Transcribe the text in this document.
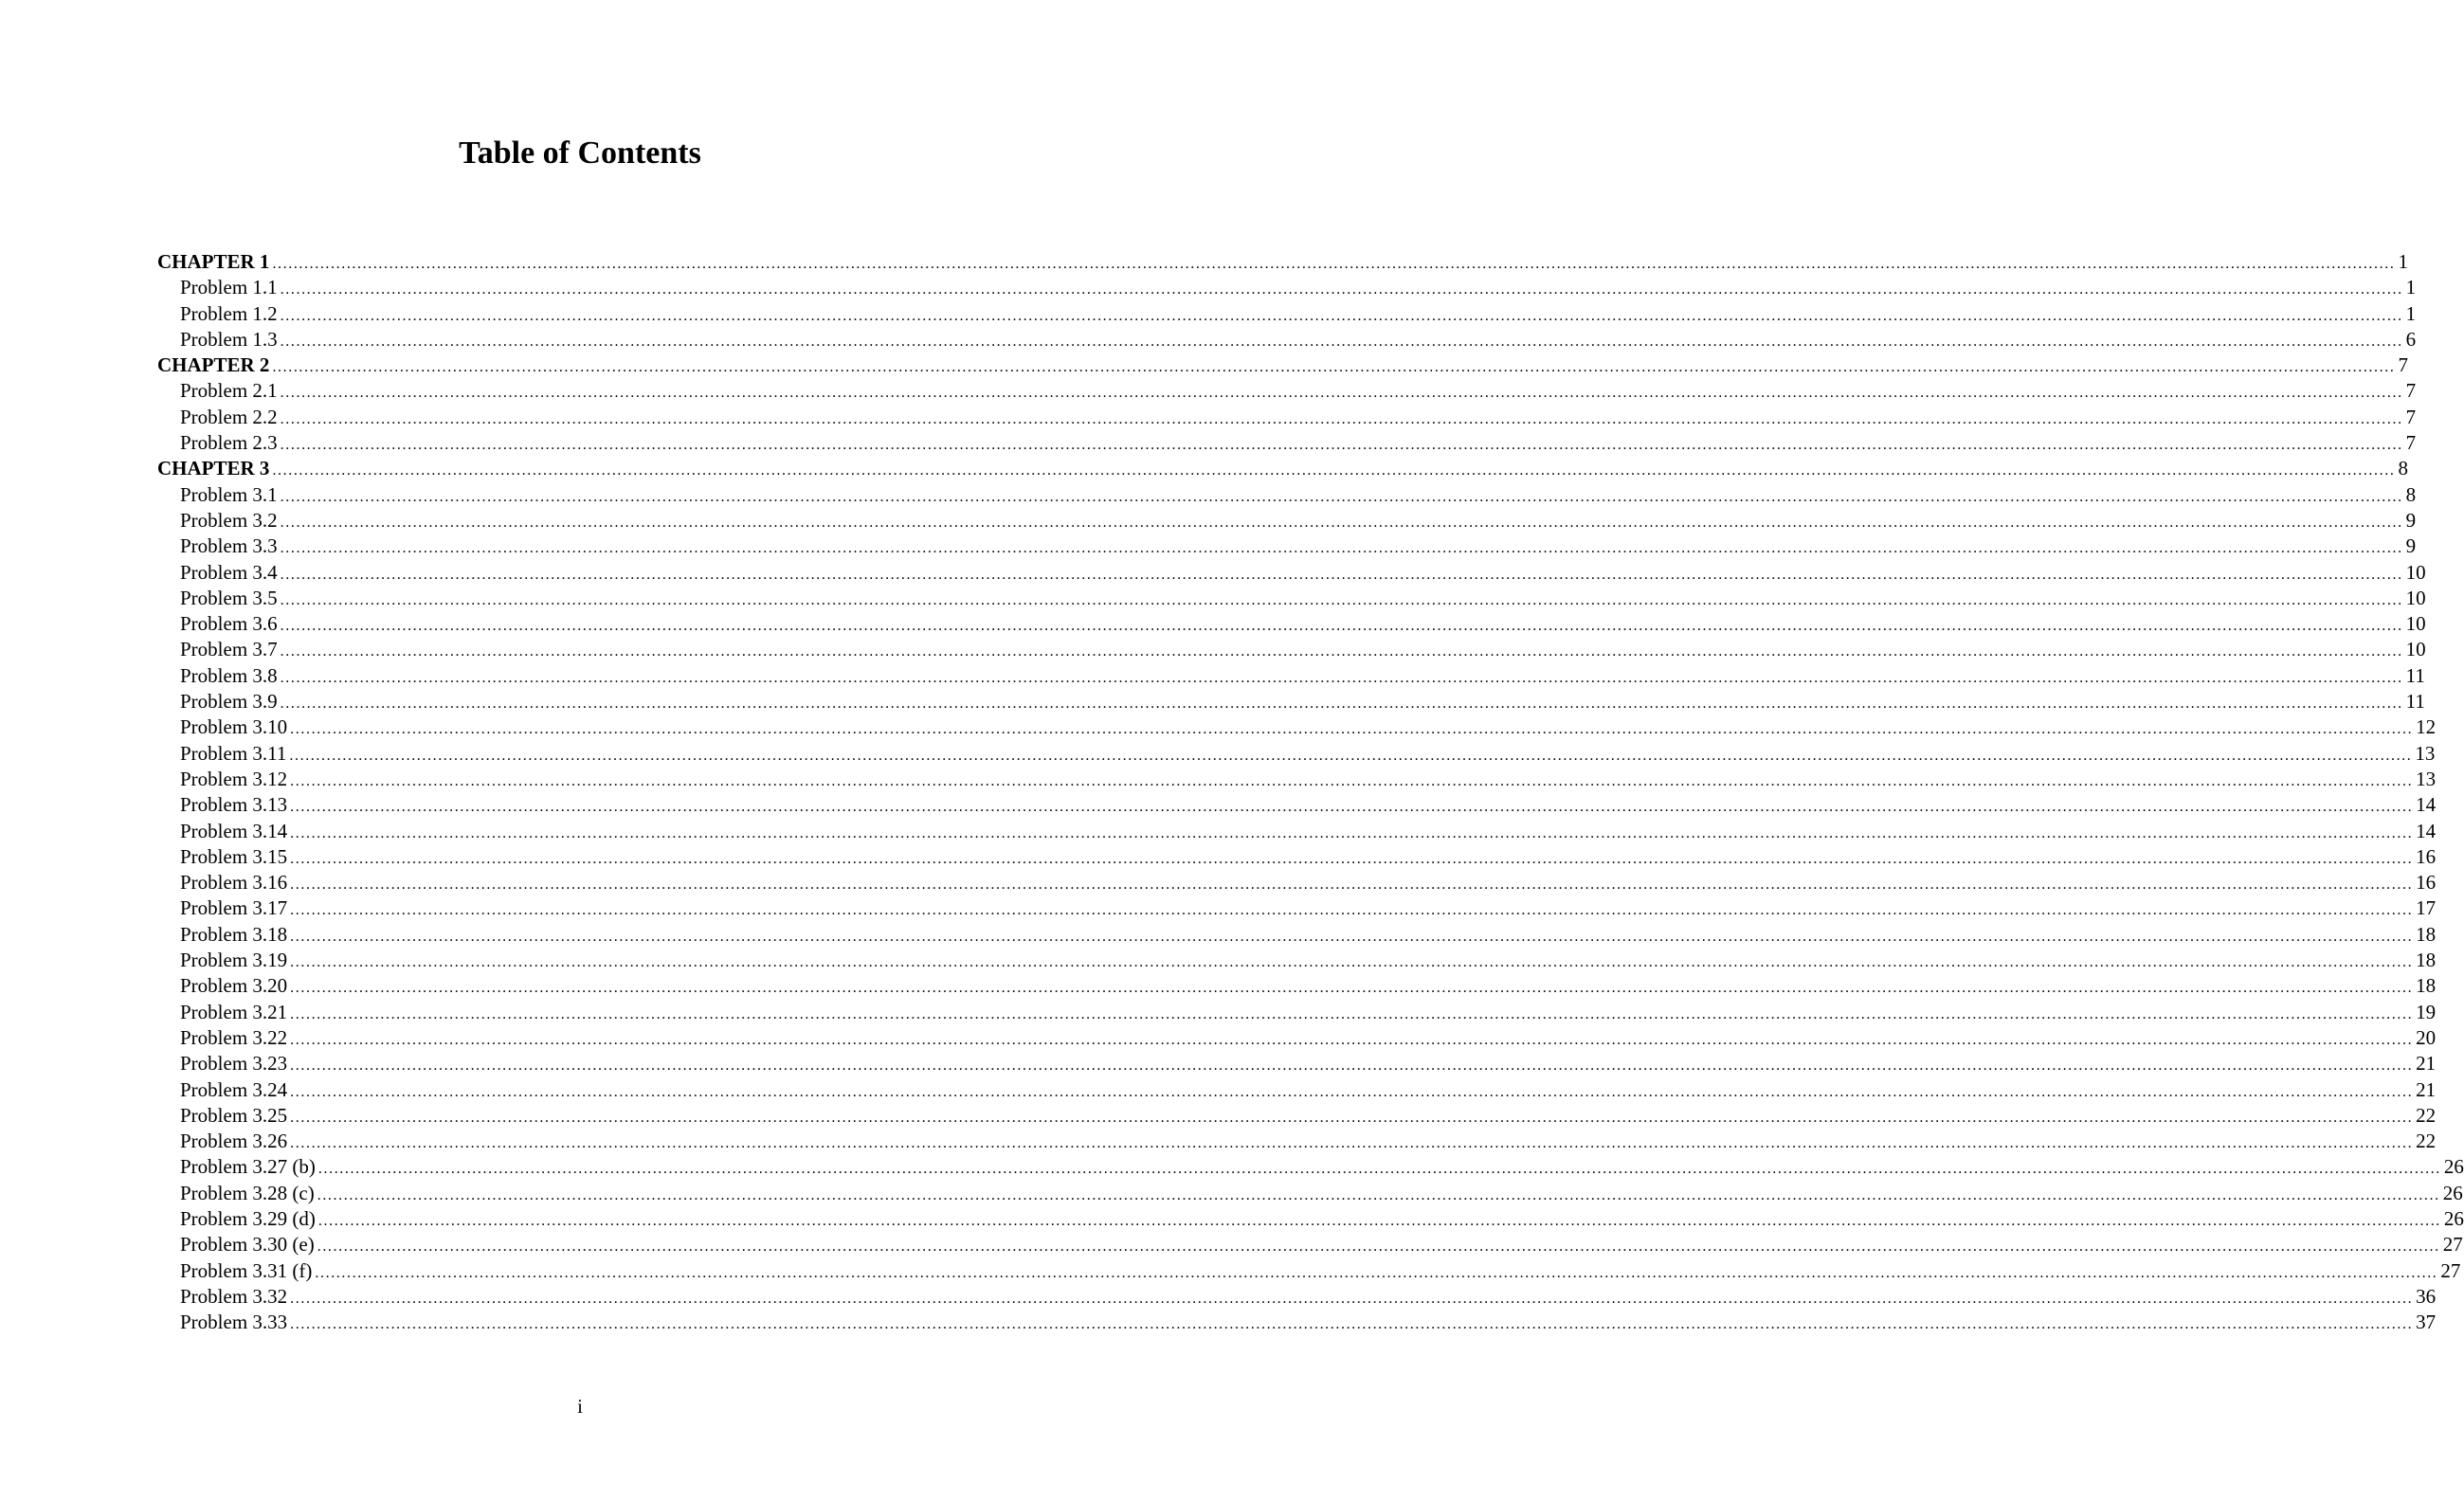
Table of Contents
CHAPTER 1 ................................................................................................................................................................................................................................................................................................................................................................................................................ 1
Problem 1.1 ................................................................................................................................................................................................................................................................................................................................................................................................................ 1
Problem 1.2 ................................................................................................................................................................................................................................................................................................................................................................................................................ 1
Problem 1.3 ................................................................................................................................................................................................................................................................................................................................................................................................................ 6
CHAPTER 2 ................................................................................................................................................................................................................................................................................................................................................................................................................ 7
Problem 2.1 ................................................................................................................................................................................................................................................................................................................................................................................................................ 7
Problem 2.2 ................................................................................................................................................................................................................................................................................................................................................................................................................ 7
Problem 2.3 ................................................................................................................................................................................................................................................................................................................................................................................................................ 7
CHAPTER 3 ................................................................................................................................................................................................................................................................................................................................................................................................................ 8
Problem 3.1 ................................................................................................................................................................................................................................................................................................................................................................................................................ 8
Problem 3.2 ................................................................................................................................................................................................................................................................................................................................................................................................................ 9
Problem 3.3 ................................................................................................................................................................................................................................................................................................................................................................................................................ 9
Problem 3.4 ................................................................................................................................................................................................................................................................................................................................................................................................................ 10
Problem 3.5 ................................................................................................................................................................................................................................................................................................................................................................................................................ 10
Problem 3.6 ................................................................................................................................................................................................................................................................................................................................................................................................................ 10
Problem 3.7 ................................................................................................................................................................................................................................................................................................................................................................................................................ 10
Problem 3.8 ................................................................................................................................................................................................................................................................................................................................................................................................................ 11
Problem 3.9 ................................................................................................................................................................................................................................................................................................................................................................................................................ 11
Problem 3.10 ................................................................................................................................................................................................................................................................................................................................................................................................................ 12
Problem 3.11 ................................................................................................................................................................................................................................................................................................................................................................................................................ 13
Problem 3.12 ................................................................................................................................................................................................................................................................................................................................................................................................................ 13
Problem 3.13 ................................................................................................................................................................................................................................................................................................................................................................................................................ 14
Problem 3.14 ................................................................................................................................................................................................................................................................................................................................................................................................................ 14
Problem 3.15 ................................................................................................................................................................................................................................................................................................................................................................................................................ 16
Problem 3.16 ................................................................................................................................................................................................................................................................................................................................................................................................................ 16
Problem 3.17 ................................................................................................................................................................................................................................................................................................................................................................................................................ 17
Problem 3.18 ................................................................................................................................................................................................................................................................................................................................................................................................................ 18
Problem 3.19 ................................................................................................................................................................................................................................................................................................................................................................................................................ 18
Problem 3.20 ................................................................................................................................................................................................................................................................................................................................................................................................................ 18
Problem 3.21 ................................................................................................................................................................................................................................................................................................................................................................................................................ 19
Problem 3.22 ................................................................................................................................................................................................................................................................................................................................................................................................................ 20
Problem 3.23 ................................................................................................................................................................................................................................................................................................................................................................................................................ 21
Problem 3.24 ................................................................................................................................................................................................................................................................................................................................................................................................................ 21
Problem 3.25 ................................................................................................................................................................................................................................................................................................................................................................................................................ 22
Problem 3.26 ................................................................................................................................................................................................................................................................................................................................................................................................................ 22
Problem 3.27 (b) ................................................................................................................................................................................................................................................................................................................................................................................................................ 26
Problem 3.28 (c) ................................................................................................................................................................................................................................................................................................................................................................................................................ 26
Problem 3.29 (d) ................................................................................................................................................................................................................................................................................................................................................................................................................ 26
Problem 3.30 (e) ................................................................................................................................................................................................................................................................................................................................................................................................................ 27
Problem 3.31 (f) ................................................................................................................................................................................................................................................................................................................................................................................................................ 27
Problem 3.32 ................................................................................................................................................................................................................................................................................................................................................................................................................ 36
Problem 3.33 ................................................................................................................................................................................................................................................................................................................................................................................................................ 37
i
